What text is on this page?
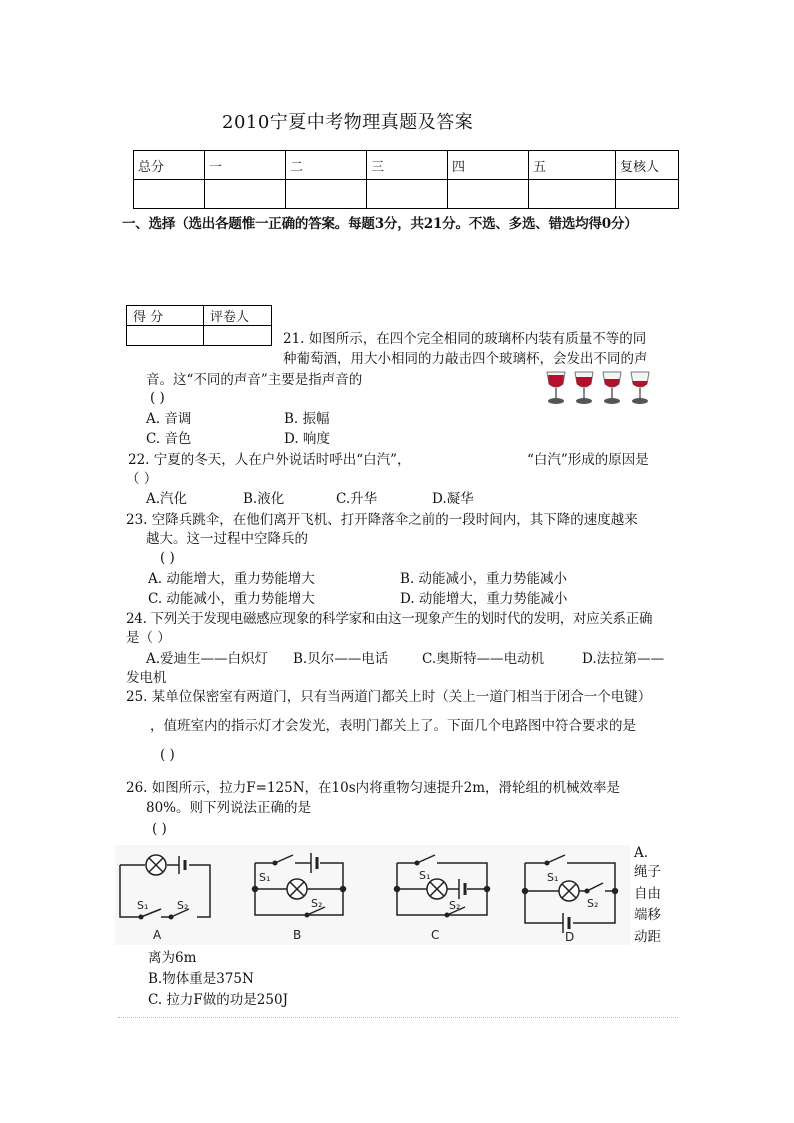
2010宁夏中考物理真题及答案
总分	一	二	三	四	五	复核人

一、选择（选出各题惟一正确的答案。每题3分，共21分。不选、多选、错选均得0分）
得 分	评卷人

21. 如图所示，在四个完全相同的玻璃杯内装有质量不等的同
种葡萄酒，用大小相同的力敲击四个玻璃杯，会发出不同的声
音。这“不同的声音”主要是指声音的
( )
A. 音调	B. 振幅
C. 音色	D. 响度
22. 宁夏的冬天，人在户外说话时呼出“白汽”，	“白汽”形成的原因是
（ ）
A.汽化	B.液化	C.升华	D.凝华
23. 空降兵跳伞，在他们离开飞机、打开降落伞之前的一段时间内，其下降的速度越来
越大。这一过程中空降兵的
( )
A. 动能增大，重力势能增大	B. 动能减小，重力势能减小
C. 动能减小，重力势能增大	D. 动能增大，重力势能减小
24. 下列关于发现电磁感应现象的科学家和由这一现象产生的划时代的发明，对应关系正确
是（ ）
A.爱迪生——白炽灯 B.贝尔——电话	C.奥斯特——电动机	D.法拉第——
发电机
25. 某单位保密室有两道门，只有当两道门都关上时（关上一道门相当于闭合一个电键）
，值班室内的指示灯才会发光，表明门都关上了。下面几个电路图中符合要求的是
( )
26. 如图所示，拉力F=125N，在10s内将重物匀速提升2m，滑轮组的机械效率是
80%。则下列说法正确的是
( )
A.
绳子
自由
端移
动距
离为6m
B.物体重是375N
C. 拉力F做的功是250J
S₁	S₂
A
S₁
S₂
B
S₁
S₂
C
S₁
S₂
D
